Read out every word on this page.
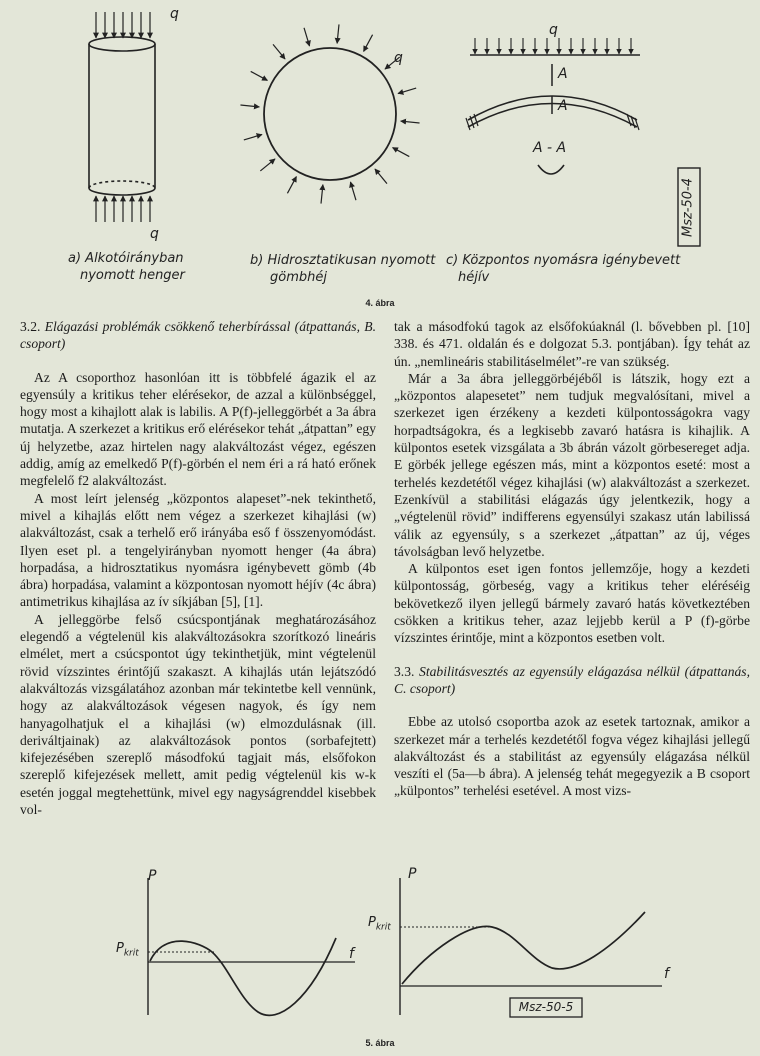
q
q
q
q
A
A
A - A
Msz-50-4
a) Alkotóirányban
nyomott henger
b) Hidrosztatikusan nyomott
gömbhéj
c) Központos nyomásra igénybevett
héjív
4. ábra
3.2. Elágazási problémák csökkenő teherbírással (átpattanás, B. csoport)

Az A csoporthoz hasonlóan itt is többfelé ágazik el az egyensúly a kritikus teher elérésekor, de azzal a különbséggel, hogy most a kihajlott alak is labilis. A P(f)-jelleggörbét a 3a ábra mutatja. A szerkezet a kritikus erő elérésekor tehát „átpattan” egy új helyzetbe, azaz hirtelen nagy alakváltozást végez, egészen addig, amíg az emelkedő P(f)-görbén el nem éri a rá ható erőnek megfelelő f2 alakváltozást.

A most leírt jelenség „központos alapeset”-nek tekinthető, mivel a kihajlás előtt nem végez a szerkezet kihajlási (w) alakváltozást, csak a terhelő erő irányába eső f összenyomódást. Ilyen eset pl. a tengelyirányban nyomott henger (4a ábra) horpadása, a hidrosztatikus nyomásra igénybevett gömb (4b ábra) horpadása, valamint a központosan nyomott héjív (4c ábra) antimetrikus kihajlása az ív síkjában [5], [1].

A jelleggörbe felső csúcspontjának meghatározásához elegendő a végtelenül kis alakváltozásokra szorítkozó lineáris elmélet, mert a csúcspontot úgy tekinthetjük, mint végtelenül rövid vízszintes érintőjű szakaszt. A kihajlás után lejátszódó alakváltozás vizsgálatához azonban már tekintetbe kell vennünk, hogy az alakváltozások végesen nagyok, és így nem hanyagolhatjuk el a kihajlási (w) elmozdulásnak (ill. deriváltjainak) az alakváltozások pontos (sorbafejtett) kifejezésében szereplő másodfokú tagjait más, elsőfokon szereplő kifejezések mellett, amit pedig végtelenül kis w-k esetén joggal megtehettünk, mivel egy nagyságrenddel kisebbek vol-

tak a másodfokú tagok az elsőfokúaknál (l. bővebben pl. [10] 338. és 471. oldalán és e dolgozat 5.3. pontjában). Így tehát az ún. „nemlineáris stabilitáselmélet”-re van szükség.

Már a 3a ábra jelleggörbéjéből is látszik, hogy ezt a „központos alapesetet” nem tudjuk megvalósítani, mivel a szerkezet igen érzékeny a kezdeti külpontosságokra vagy horpadtságokra, és a legkisebb zavaró hatásra is kihajlik. A külpontos esetek vizsgálata a 3b ábrán vázolt görbesereget adja. E görbék jellege egészen más, mint a központos esetéː most a terhelés kezdetétől végez kihajlási (w) alakváltozást a szerkezet. Ezenkívül a stabilitási elágazás úgy jelentkezik, hogy a „végtelenül rövid” indifferens egyensúlyi szakasz után labilissá válik az egyensúly, s a szerkezet „átpattan” az új, véges távolságban levő helyzetbe.

A külpontos eset igen fontos jellemzője, hogy a kezdeti külpontosság, görbeség, vagy a kritikus teher eléréséig bekövetkező ilyen jellegű bármely zavaró hatás következtében csökken a kritikus teher, azaz lejjebb kerül a P (f)-görbe vízszintes érintője, mint a központos esetben volt.

3.3. Stabilitásvesztés az egyensúly elágazása nélkül (átpattanás, C. csoport)

Ebbe az utolsó csoportba azok az esetek tartoznak, amikor a szerkezet már a terhelés kezdetétől fogva végez kihajlási jellegű alakváltozást és a stabilitást az egyensúly elágazása nélkül veszíti el (5a—b ábra). A jelenség tehát megegyezik a B csoport „külpontos” terhelési esetével. A most vizs-

P
f
$P_{krit}$
P
f
$P_{krit}$
Msz-50-5
5. ábra
